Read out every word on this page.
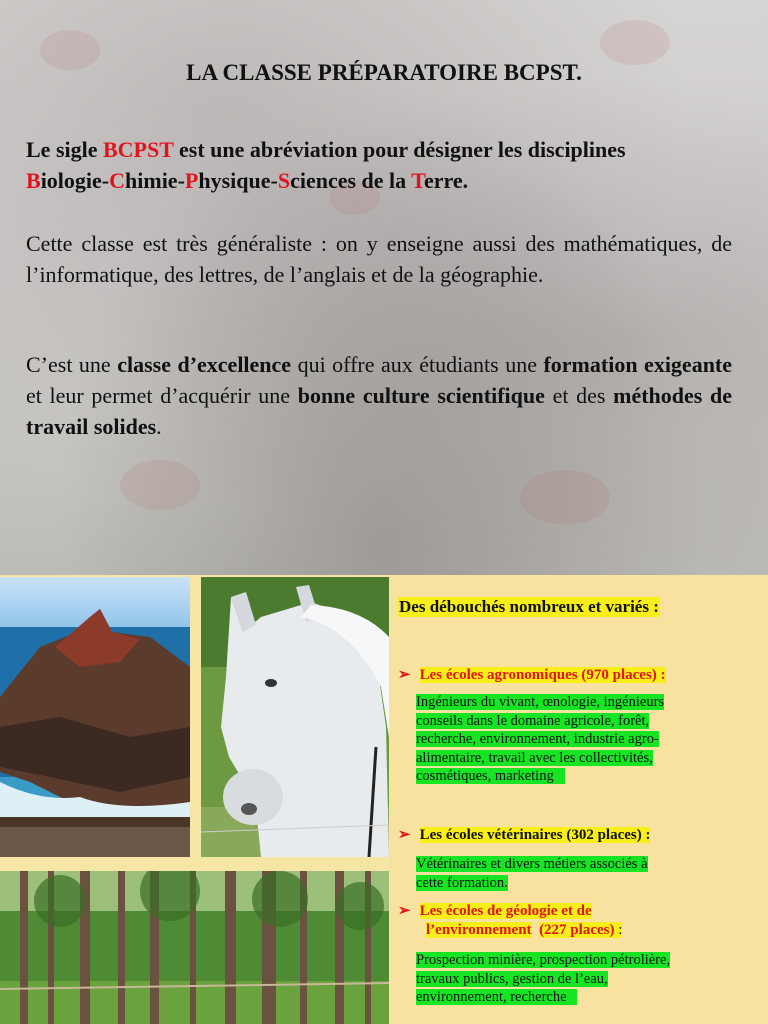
LA CLASSE PRÉPARATOIRE BCPST.

Le sigle BCPST est une abréviation pour désigner les disciplines
Biologie-Chimie-Physique-Sciences de la Terre.

Cette classe est très généraliste : on y enseigne aussi des mathématiques, de l’informatique, des lettres, de l’anglais et de la géographie.

C’est une classe d’excellence qui offre aux étudiants une formation exigeante et leur permet d’acquérir une bonne culture scientifique et des méthodes de travail solides.

Des débouchés nombreux et variés :
➢ Les écoles agronomiques (970 places) :
Ingénieurs du vivant, œnologie, ingénieurs
conseils dans le domaine agricole, forêt,
recherche, environnement, industrie agro-
alimentaire, travail avec les collectivités,
cosmétiques, marketing
➢ Les écoles vétérinaires (302 places) :
Vétérinaires et divers métiers associés à
cette formation.
➢ Les écoles de géologie et de
l’environnement (227 places) :
Prospection minière, prospection pétrolière,
travaux publics, gestion de l’eau,
environnement, recherche
